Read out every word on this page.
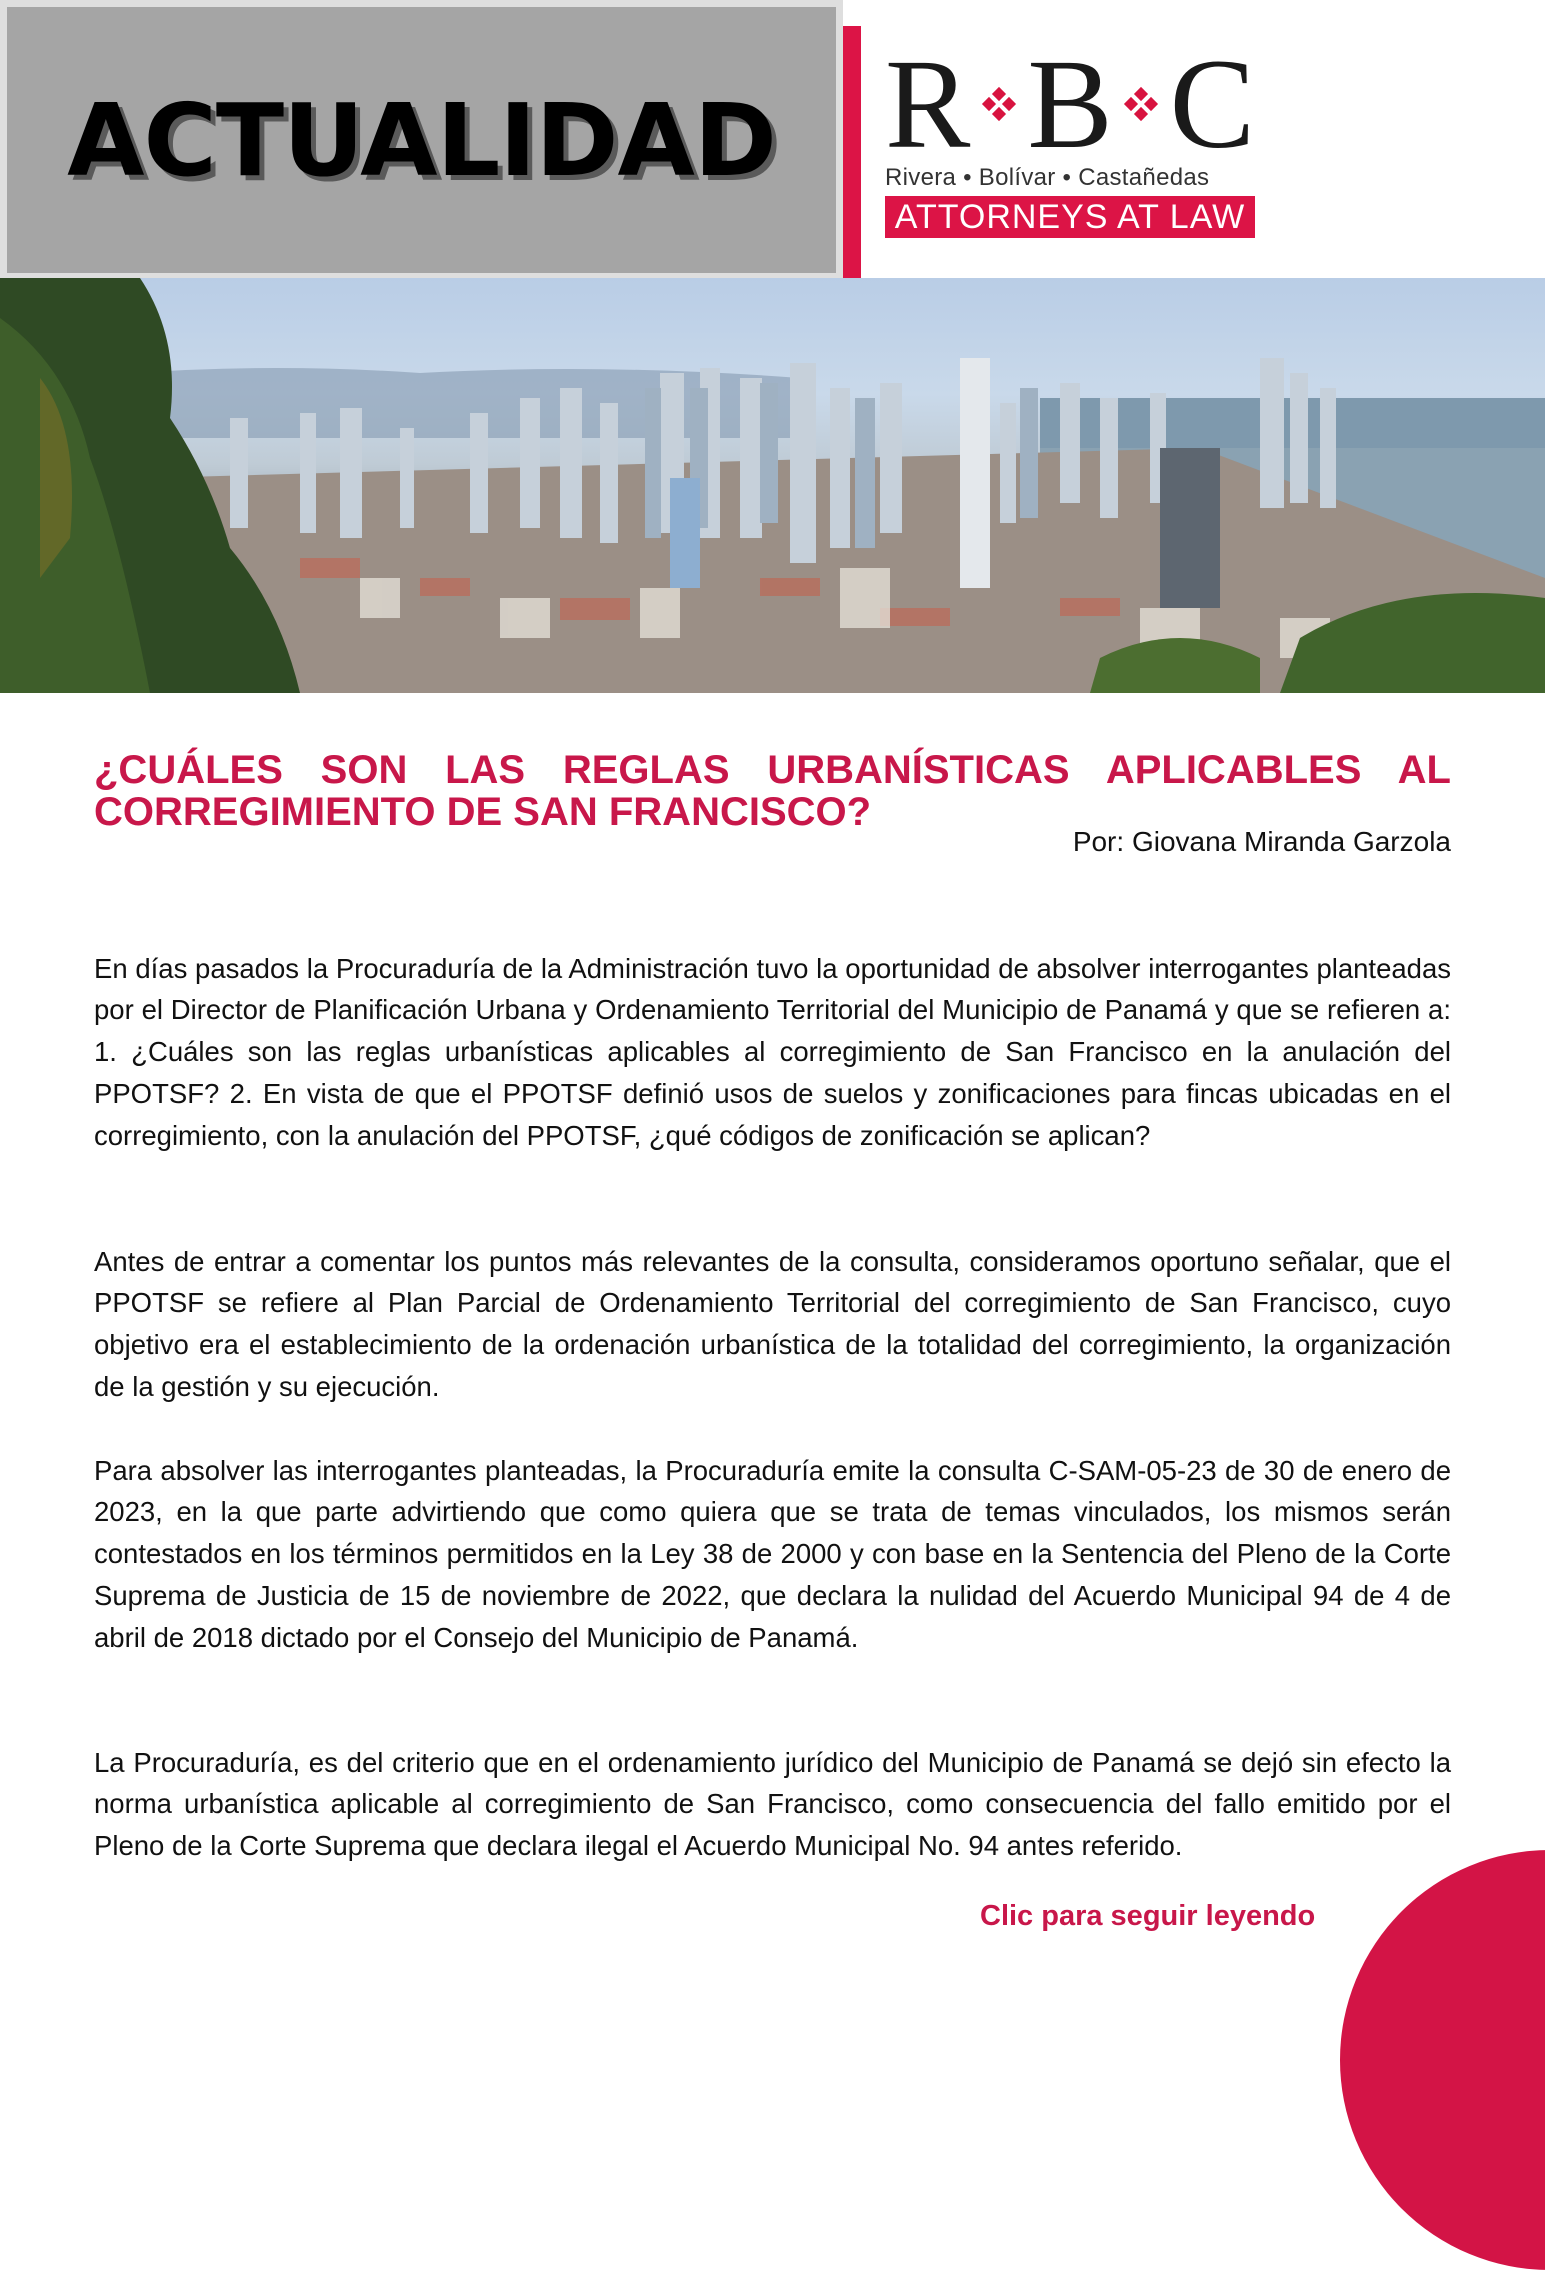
ACTUALIDAD R B C
Rivera • Bolívar • Castañedas
ATTORNEYS AT LAW
¿CUÁLES SON LAS REGLAS URBANÍSTICAS APLICABLES AL CORREGIMIENTO DE SAN FRANCISCO?
Por: Giovana Miranda Garzola

En días pasados la Procuraduría de la Administración tuvo la oportunidad de absolver interrogantes planteadas por el Director de Planificación Urbana y Ordenamiento Territorial del Municipio de Panamá y que se refieren a: 1. ¿Cuáles son las reglas urbanísticas aplicables al corregimiento de San Francisco en la anulación del PPOTSF? 2. En vista de que el PPOTSF definió usos de suelos y zonificaciones para fincas ubicadas en el corregimiento, con la anulación del PPOTSF, ¿qué códigos de zonificación se aplican?

Antes de entrar a comentar los puntos más relevantes de la consulta, consideramos oportuno señalar, que el PPOTSF se refiere al Plan Parcial de Ordenamiento Territorial del corregimiento de San Francisco, cuyo objetivo era el establecimiento de la ordenación urbanística de la totalidad del corregimiento, la organización de la gestión y su ejecución.

Para absolver las interrogantes planteadas, la Procuraduría emite la consulta C-SAM-05-23 de 30 de enero de 2023, en la que parte advirtiendo que como quiera que se trata de temas vinculados, los mismos serán contestados en los términos permitidos en la Ley 38 de 2000 y con base en la Sentencia del Pleno de la Corte Suprema de Justicia de 15 de noviembre de 2022, que declara la nulidad del Acuerdo Municipal 94 de 4 de abril de 2018 dictado por el Consejo del Municipio de Panamá.

La Procuraduría, es del criterio que en el ordenamiento jurídico del Municipio de Panamá se dejó sin efecto la norma urbanística aplicable al corregimiento de San Francisco, como consecuencia del fallo emitido por el Pleno de la Corte Suprema que declara ilegal el Acuerdo Municipal No. 94 antes referido.

Clic para seguir leyendo
